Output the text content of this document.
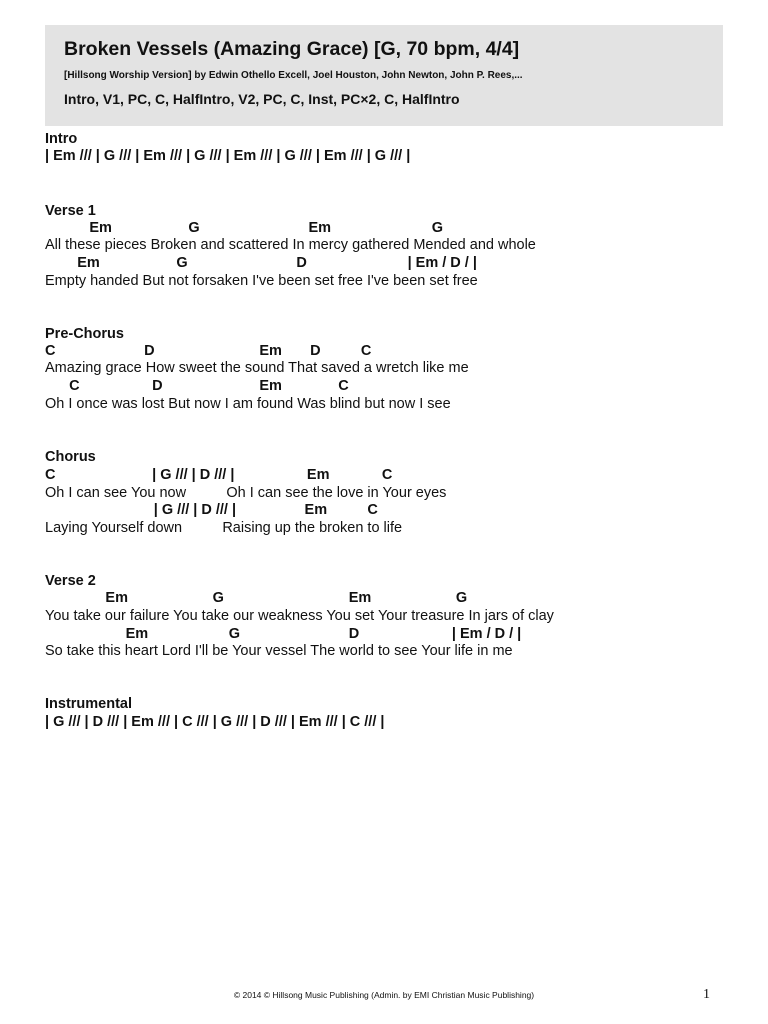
Broken Vessels (Amazing Grace) [G, 70 bpm, 4/4]
[Hillsong Worship Version] by Edwin Othello Excell, Joel Houston, John Newton, John P. Rees,...
Intro, V1, PC, C, HalfIntro, V2, PC, C, Inst, PC×2, C, HalfIntro
Intro
| Em /// | G /// | Em /// | G /// | Em /// | G /// | Em /// | G /// |
Verse 1
Em                   G                           Em                         G
All these pieces Broken and scattered In mercy gathered Mended and whole
Em                   G                           D                         | Em / D / |
Empty handed But not forsaken I've been set free I've been set free
Pre-Chorus
C                      D                          Em       D          C
Amazing grace How sweet the sound That saved a wretch like me
C                  D                        Em              C
Oh I once was lost But now I am found Was blind but now I see
Chorus
C                        | G /// | D /// |                  Em             C
Oh I can see You now          Oh I can see the love in Your eyes
| G /// | D /// |                 Em          C
Laying Yourself down          Raising up the broken to life
Verse 2
Em                     G                               Em                     G
You take our failure You take our weakness You set Your treasure In jars of clay
Em                    G                           D                       | Em / D / |
So take this heart Lord I'll be Your vessel The world to see Your life in me
Instrumental
| G /// | D /// | Em /// | C /// | G /// | D /// | Em /// | C /// |
© 2014 © Hillsong Music Publishing (Admin. by EMI Christian Music Publishing)	1
